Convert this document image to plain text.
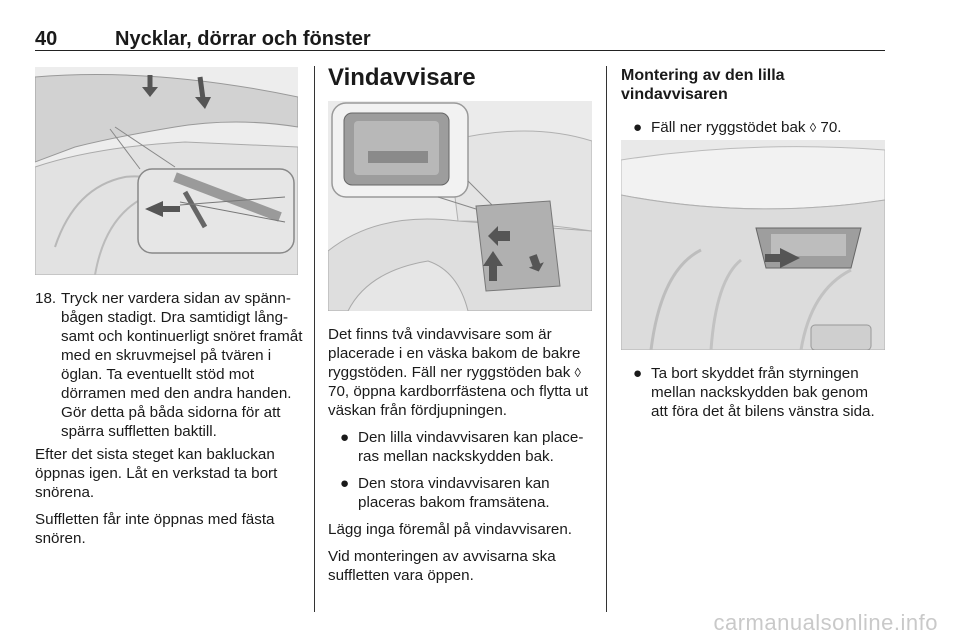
40	Nycklar, dörrar och fönster
18. Tryck ner vardera sidan av spänn-bågen stadigt. Dra samtidigt lång-samt och kontinuerligt snöret framåt med en skruvmejsel på tvären i öglan. Ta eventuellt stöd mot dörramen med den andra handen. Gör detta på båda sidorna för att spärra suffletten baktill.

Efter det sista steget kan bakluckan öppnas igen. Låt en verkstad ta bort snörena.

Suffletten får inte öppnas med fästa snören.

Vindavvisare

Det finns två vindavvisare som är placerade i en väska bakom de bakre ryggstöden. Fäll ner ryggstöden bak ◊ 70, öppna kardborrfästena och flytta ut väskan från fördjupningen.

● Den lilla vindavvisaren kan place-ras mellan nackskydden bak.
● Den stora vindavvisaren kan placeras bakom framsätena.

Lägg inga föremål på vindavvisaren.

Vid monteringen av avvisarna ska suffletten vara öppen.

Montering av den lilla vindavvisaren
● Fäll ner ryggstödet bak ◊ 70.
● Ta bort skyddet från styrningen mellan nackskydden bak genom att föra det åt bilens vänstra sida.
carmanualsonline.info
